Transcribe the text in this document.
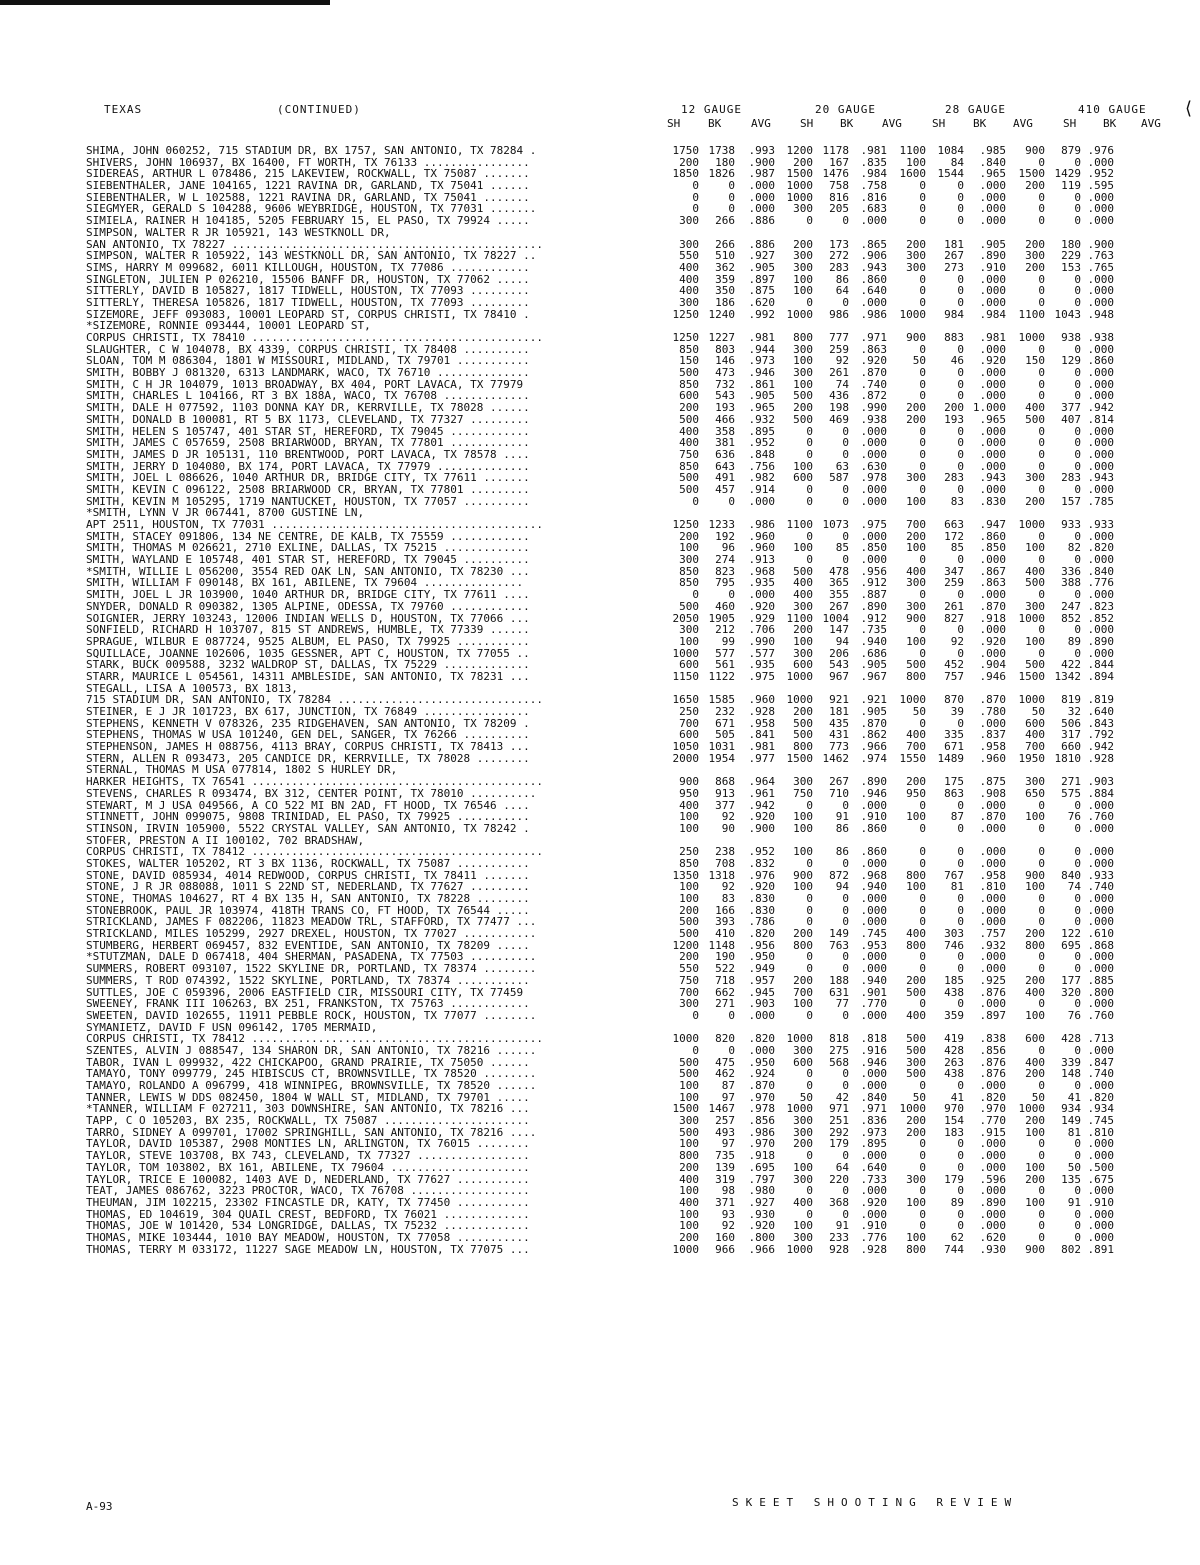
TEXAS	(CONTINUED)	12 GAUGE	20 GAUGE	28 GAUGE	410 GAUGE ⟨
SH	BK	AVG	SH BK	AVG	SH	BK AVG	SH BK AVG
SHIMA, JOHN 060252, 715 STADIUM DR, BX 1757, SAN ANTONIO, TX 78284 .	1750 1738	.993	1200 1178	.981	1100	1084	.985	900	879 .976
SHIVERS, JOHN 106937, BX 16400, FT WORTH, TX 76133 ................	200	180	.900	200	167	.835	100	84	.840	0	0 .000
SIDEREAS, ARTHUR L 078486, 215 LAKEVIEW, ROCKWALL, TX 75087 .......	1850 1826	.987	1500 1476	.984	1600	1544	.965	1500 1429 .952
SIEBENTHALER, JANE 104165, 1221 RAVINA DR, GARLAND, TX 75041 ......	0	0	.000	1000	758	.758	0	0	.000	200	119 .595
SIEBENTHALER, W L 102588, 1221 RAVINA DR, GARLAND, TX 75041 .......	0	0	.000	1000	816	.816	0	0	.000	0	0 .000
SIEGMYER, GERALD S 104288, 9606 WEYBRIDGE, HOUSTON, TX 77031 .......	0	0	.000	300	205	.683	0	0	.000	0	0 .000
SIMIELA, RAINER H 104185, 5205 FEBRUARY 15, EL PASO, TX 79924 .....	300	266	.886	0	0	.000	0	0	.000	0	0 .000
SIMPSON, WALTER R JR 105921, 143 WESTKNOLL DR,
SAN ANTONIO, TX 78227 ...............................................	300	266	.886	200	173	.865	200	181	.905	200	180 .900
SIMPSON, WALTER R 105922, 143 WESTKNOLL DR, SAN ANTONIO, TX 78227 ..	550	510	.927	300	272	.906	300	267	.890	300	229 .763
SIMS, HARRY M 099682, 6011 KILLOUGH, HOUSTON, TX 77086 ............	400	362	.905	300	283	.943	300	273	.910	200	153 .765
SINGLETON, JULIEN P 026210, 15506 BANFF DR, HOUSTON, TX 77062 .....	400	359	.897	100	86	.860	0	0	.000	0	0 .000
SITTERLY, DAVID B 105827, 1817 TIDWELL, HOUSTON, TX 77093 .........	400	350	.875	100	64	.640	0	0	.000	0	0 .000
SITTERLY, THERESA 105826, 1817 TIDWELL, HOUSTON, TX 77093 .........	300	186	.620	0	0	.000	0	0	.000	0	0 .000
SIZEMORE, JEFF 093083, 10001 LEOPARD ST, CORPUS CHRISTI, TX 78410 .	1250 1240	.992	1000	986	.986	1000	984	.984	1100 1043 .948
*SIZEMORE, RONNIE 093444, 10001 LEOPARD ST,
CORPUS CHRISTI, TX 78410 ............................................	1250 1227	.981	800	777	.971	900	883	.981	1000	938 .938
SLAUGHTER, C W 104078, BX 4339, CORPUS CHRISTI, TX 78408 ..........	850	803	.944	300	259	.863	0	0	.000	0	0 .000
SLOAN, TOM M 086304, 1801 W MISSOURI, MIDLAND, TX 79701 ...........	150	146	.973	100	92	.920	50	46	.920	150	129 .860
SMITH, BOBBY J 081320, 6313 LANDMARK, WACO, TX 76710 ..............	500	473	.946	300	261	.870	0	0	.000	0	0 .000
SMITH, C H JR 104079, 1013 BROADWAY, BX 404, PORT LAVACA, TX 77979	850	732	.861	100	74	.740	0	0	.000	0	0 .000
SMITH, CHARLES L 104166, RT 3 BX 188A, WACO, TX 76708 .............	600	543	.905	500	436	.872	0	0	.000	0	0 .000
SMITH, DALE H 077592, 1103 DONNA KAY DR, KERRVILLE, TX 78028 ......	200	193	.965	200	198	.990	200	200 1.000	400	377 .942
SMITH, DONALD B 100081, RT 5 BX 1173, CLEVELAND, TX 77327 .........	500	466	.932	500	469	.938	200	193	.965	500	407 .814
SMITH, HELEN S 105747, 401 STAR ST, HEREFORD, TX 79045 ............	400	358	.895	0	0	.000	0	0	.000	0	0 .000
SMITH, JAMES C 057659, 2508 BRIARWOOD, BRYAN, TX 77801 ............	400	381	.952	0	0	.000	0	0	.000	0	0 .000
SMITH, JAMES D JR 105131, 110 BRENTWOOD, PORT LAVACA, TX 78578 ....	750	636	.848	0	0	.000	0	0	.000	0	0 .000
SMITH, JERRY D 104080, BX 174, PORT LAVACA, TX 77979 ..............	850	643	.756	100	63	.630	0	0	.000	0	0 .000
SMITH, JOEL L 086626, 1040 ARTHUR DR, BRIDGE CITY, TX 77611 .......	500	491	.982	600	587	.978	300	283	.943	300	283 .943
SMITH, KEVIN C 096122, 2508 BRIARWOOD CR, BRYAN, TX 77801 .........	500	457	.914	0	0	.000	0	0	.000	0	0 .000
SMITH, KEVIN M 105295, 1719 NANTUCKET, HOUSTON, TX 77057 ..........	0	0	.000	0	0	.000	100	83	.830	200	157 .785
*SMITH, LYNN V JR 067441, 8700 GUSTINE LN,
APT 2511, HOUSTON, TX 77031 .........................................	1250 1233	.986	1100 1073	.975	700	663	.947	1000	933 .933
SMITH, STACEY 091806, 134 NE CENTRE, DE KALB, TX 75559 ............	200	192	.960	0	0	.000	200	172	.860	0	0 .000
SMITH, THOMAS M 026621, 2710 EXLINE, DALLAS, TX 75215 .............	100	96	.960	100	85	.850	100	85	.850	100	82 .820
SMITH, WAYLAND E 105748, 401 STAR ST, HEREFORD, TX 79045 ..........	300	274	.913	0	0	.000	0	0	.000	0	0 .000
*SMITH, WILLIE L 056200, 3554 RED OAK LN, SAN ANTONIO, TX 78230 ...	850	823	.968	500	478	.956	400	347	.867	400	336 .840
SMITH, WILLIAM F 090148, BX 161, ABILENE, TX 79604 ...............	850	795	.935	400	365	.912	300	259	.863	500	388 .776
SMITH, JOEL L JR 103900, 1040 ARTHUR DR, BRIDGE CITY, TX 77611 ....	0	0	.000	400	355	.887	0	0	.000	0	0 .000
SNYDER, DONALD R 090382, 1305 ALPINE, ODESSA, TX 79760 ............	500	460	.920	300	267	.890	300	261	.870	300	247 .823
SOIGNIER, JERRY 103243, 12006 INDIAN WELLS D, HOUSTON, TX 77066 ...	2050 1905	.929	1100 1004	.912	900	827	.918	1000	852 .852
SONFIELD, RICHARD H 103707, 815 ST ANDREWS, HUMBLE, TX 77339 ......	300	212	.706	200	147	.735	0	0	.000	0	0 .000
SPRAGUE, WILBUR E 087724, 9525 ALBUM, EL PASO, TX 79925 ...........	100	99	.990	100	94	.940	100	92	.920	100	89 .890
SQUILLACE, JOANNE 102606, 1035 GESSNER, APT C, HOUSTON, TX 77055 ..	1000	577	.577	300	206	.686	0	0	.000	0	0 .000
STARK, BUCK 009588, 3232 WALDROP ST, DALLAS, TX 75229 .............	600	561	.935	600	543	.905	500	452	.904	500	422 .844
STARR, MAURICE L 054561, 14311 AMBLESIDE, SAN ANTONIO, TX 78231 ...	1150 1122	.975	1000	967	.967	800	757	.946	1500 1342 .894
STEGALL, LISA A 100573, BX 1813,
715 STADIUM DR, SAN ANTONIO, TX 78284 ...............................	1650 1585	.960	1000	921	.921	1000	870	.870	1000	819 .819
STEINER, E J JR 101723, BX 617, JUNCTION, TX 76849 ................	250	232	.928	200	181	.905	50	39	.780	50	32 .640
STEPHENS, KENNETH V 078326, 235 RIDGEHAVEN, SAN ANTONIO, TX 78209 .	700	671	.958	500	435	.870	0	0	.000	600	506 .843
STEPHENS, THOMAS W USA 101240, GEN DEL, SANGER, TX 76266 ..........	600	505	.841	500	431	.862	400	335	.837	400	317 .792
STEPHENSON, JAMES H 088756, 4113 BRAY, CORPUS CHRISTI, TX 78413 ...	1050 1031	.981	800	773	.966	700	671	.958	700	660 .942
STERN, ALLEN R 093473, 205 CANDICE DR, KERRVILLE, TX 78028 ........	2000 1954	.977	1500 1462	.974	1550	1489	.960	1950 1810 .928
STERNAL, THOMAS M USA 077814, 1802 S HURLEY DR,
HARKER HEIGHTS, TX 76541 ............................................	900	868	.964	300	267	.890	200	175	.875	300	271 .903
STEVENS, CHARLES R 093474, BX 312, CENTER POINT, TX 78010 ..........	950	913	.961	750	710	.946	950	863	.908	650	575 .884
STEWART, M J USA 049566, A CO 522 MI BN 2AD, FT HOOD, TX 76546 ....	400	377	.942	0	0	.000	0	0	.000	0	0 .000
STINNETT, JOHN 099075, 9808 TRINIDAD, EL PASO, TX 79925 ...........	100	92	.920	100	91	.910	100	87	.870	100	76 .760
STINSON, IRVIN 105900, 5522 CRYSTAL VALLEY, SAN ANTONIO, TX 78242 .	100	90	.900	100	86	.860	0	0	.000	0	0 .000
STOFER, PRESTON A II 100102, 702 BRADSHAW,
CORPUS CHRISTI, TX 78412 ............................................	250	238	.952	100	86	.860	0	0	.000	0	0 .000
STOKES, WALTER 105202, RT 3 BX 1136, ROCKWALL, TX 75087 ...........	850	708	.832	0	0	.000	0	0	.000	0	0 .000
STONE, DAVID 085934, 4014 REDWOOD, CORPUS CHRISTI, TX 78411 .......	1350 1318	.976	900	872	.968	800	767	.958	900	840 .933
STONE, J R JR 088088, 1011 S 22ND ST, NEDERLAND, TX 77627 .........	100	92	.920	100	94	.940	100	81	.810	100	74 .740
STONE, THOMAS 104627, RT 4 BX 135 H, SAN ANTONIO, TX 78228 ........	100	83	.830	0	0	.000	0	0	.000	0	0 .000
STONEBROOK, PAUL JR 103974, 418TH TRANS CO, FT HOOD, TX 76544 .....	200	166	.830	0	0	.000	0	0	.000	0	0 .000
STRICKLAND, JAMES F 082206, 11823 MEADOW TRL, STAFFORD, TX 77477 ...	500	393	.786	0	0	.000	0	0	.000	0	0 .000
STRICKLAND, MILES 105299, 2927 DREXEL, HOUSTON, TX 77027 ...........	500	410	.820	200	149	.745	400	303	.757	200	122 .610
STUMBERG, HERBERT 069457, 832 EVENTIDE, SAN ANTONIO, TX 78209 .....	1200 1148	.956	800	763	.953	800	746	.932	800	695 .868
*STUTZMAN, DALE D 067418, 404 SHERMAN, PASADENA, TX 77503 ..........	200	190	.950	0	0	.000	0	0	.000	0	0 .000
SUMMERS, ROBERT 093107, 1522 SKYLINE DR, PORTLAND, TX 78374 ........	550	522	.949	0	0	.000	0	0	.000	0	0 .000
SUMMERS, T ROD 074392, 1522 SKYLINE, PORTLAND, TX 78374 ...........	750	718	.957	200	188	.940	200	185	.925	200	177 .885
SUTTLES, JOE C 059396, 2006 EASTFIELD CIR, MISSOURI CITY, TX 77459	700	662	.945	700	631	.901	500	438	.876	400	320 .800
SWEENEY, FRANK III 106263, BX 251, FRANKSTON, TX 75763 ............	300	271	.903	100	77	.770	0	0	.000	0	0 .000
SWEETEN, DAVID 102655, 11911 PEBBLE ROCK, HOUSTON, TX 77077 ........	0	0	.000	0	0	.000	400	359	.897	100	76 .760
SYMANIETZ, DAVID F USN 096142, 1705 MERMAID,
CORPUS CHRISTI, TX 78412 ............................................	1000	820	.820	1000	818	.818	500	419	.838	600	428 .713
SZENTES, ALVIN J 088547, 134 SHARON DR, SAN ANTONIO, TX 78216 ......	0	0	.000	300	275	.916	500	428	.856	0	0 .000
TABOR, IVAN L 099932, 422 CHICKAPOO, GRAND PRAIRIE, TX 75050 ......	500	475	.950	600	568	.946	300	263	.876	400	339 .847
TAMAYO, TONY 099779, 245 HIBISCUS CT, BROWNSVILLE, TX 78520 ........	500	462	.924	0	0	.000	500	438	.876	200	148 .740
TAMAYO, ROLANDO A 096799, 418 WINNIPEG, BROWNSVILLE, TX 78520 ......	100	87	.870	0	0	.000	0	0	.000	0	0 .000
TANNER, LEWIS W DDS 082450, 1804 W WALL ST, MIDLAND, TX 79701 .....	100	97	.970	50	42	.840	50	41	.820	50	41 .820
*TANNER, WILLIAM F 027211, 303 DOWNSHIRE, SAN ANTONIO, TX 78216 ...	1500 1467	.978	1000	971	.971	1000	970	.970	1000	934 .934
TAPP, C O 105203, BX 235, ROCKWALL, TX 75087 ......................	300	257	.856	300	251	.836	200	154	.770	200	149 .745
TARRO, SIDNEY A 099701, 17002 SPRINGHILL, SAN ANTONIO, TX 78216 ....	500	493	.986	300	292	.973	200	183	.915	100	81 .810
TAYLOR, DAVID 105387, 2908 MONTIES LN, ARLINGTON, TX 76015 ........	100	97	.970	200	179	.895	0	0	.000	0	0 .000
TAYLOR, STEVE 103708, BX 743, CLEVELAND, TX 77327 .................	800	735	.918	0	0	.000	0	0	.000	0	0 .000
TAYLOR, TOM 103802, BX 161, ABILENE, TX 79604 .....................	200	139	.695	100	64	.640	0	0	.000	100	50 .500
TAYLOR, TRICE E 100082, 1403 AVE D, NEDERLAND, TX 77627 ...........	400	319	.797	300	220	.733	300	179	.596	200	135 .675
TEAT, JAMES 086762, 3223 PROCTOR, WACO, TX 76708 ..................	100	98	.980	0	0	.000	0	0	.000	0	0 .000
THEUMAN, JIM 102215, 23302 FINCASTLE DR, KATY, TX 77450 ...........	400	371	.927	400	368	.920	100	89	.890	100	91 .910
THOMAS, ED 104619, 304 QUAIL CREST, BEDFORD, TX 76021 .............	100	93	.930	0	0	.000	0	0	.000	0	0 .000
THOMAS, JOE W 101420, 534 LONGRIDGE, DALLAS, TX 75232 .............	100	92	.920	100	91	.910	0	0	.000	0	0 .000
THOMAS, MIKE 103444, 1010 BAY MEADOW, HOUSTON, TX 77058 ...........	200	160	.800	300	233	.776	100	62	.620	0	0 .000
THOMAS, TERRY M 033172, 11227 SAGE MEADOW LN, HOUSTON, TX 77075 ...	1000	966	.966	1000	928	.928	800	744	.930	900	802 .891
A-93	SKEET SHOOTING REVIEW
